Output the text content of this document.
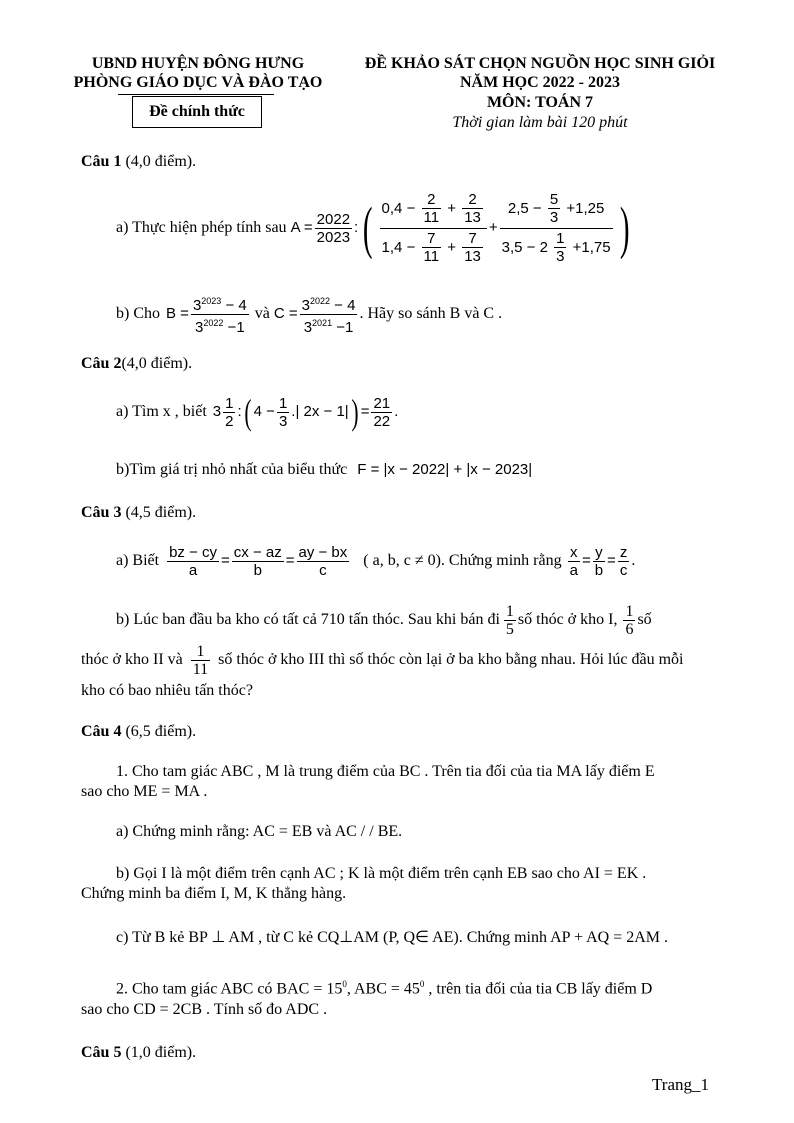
UBND HUYỆN ĐÔNG HƯNG
PHÒNG GIÁO DỤC VÀ ĐÀO TẠO
Đề chính thức
ĐỀ KHẢO SÁT CHỌN NGUỒN HỌC SINH GIỎI
NĂM HỌC 2022 - 2023
MÔN: TOÁN 7
Thời gian làm bài 120 phút
Câu 1 (4,0 điểm).
a) Thực hiện phép tính sau $A = \frac{2022}{2023}$ : ( $\frac{0,4 - \frac{2}{11} + \frac{2}{13}}{1,4 - \frac{7}{11} + \frac{7}{13}} + \frac{2,5 - \frac{5}{3} +1,25}{3,5 - 2 \frac{1}{3} +1,75}$ )
b) Cho $B = \frac{3^{2023} - 4}{3^{2022} -1}$ và $C = \frac{3^{2022} - 4}{3^{2021} -1}$ . Hãy so sánh B và C .
Câu 2(4,0 điểm).
a) Tìm x , biết $3 \frac{1}{2}$ : ( $4 - \frac{1}{3}$ .| 2x − 1| ) = $\frac{21}{22}$ .
b)Tìm giá trị nhỏ nhất của biểu thức F = |x − 2022| + |x − 2023|
Câu 3 (4,5 điểm).
a) Biết $\frac{bz - cy}{a} = \frac{cx - az}{b} = \frac{ay - bx}{c}$ ( a, b, c ≠ 0). Chứng minh rằng $\frac{x}{a} = \frac{y}{b} = \frac{z}{c}$ .
b) Lúc ban đầu ba kho có tất cả 710 tấn thóc. Sau khi bán đi $\frac{1}{5}$ số thóc ở kho I, $\frac{1}{6}$ số
thóc ở kho II và $\frac{1}{11}$ số thóc ở kho III thì số thóc còn lại ở ba kho bằng nhau. Hỏi lúc đầu mỗi
kho có bao nhiêu tấn thóc?
Câu 4 (6,5 điểm).
1. Cho tam giác ABC , M là trung điểm của BC . Trên tia đối của tia MA lấy điểm E
sao cho ME = MA .
a) Chứng minh rằng: AC = EB và AC / / BE.
b) Gọi I là một điểm trên cạnh AC ; K là một điểm trên cạnh EB sao cho AI = EK .
Chứng minh ba điểm I, M, K thẳng hàng.
c) Từ B kẻ BP ⊥ AM , từ C kẻ CQ⊥AM (P, Q∈ AE). Chứng minh AP + AQ = 2AM .
2. Cho tam giác ABC có BAC = $15^0$, ABC = $45^0$ , trên tia đối của tia CB lấy điểm D
sao cho CD = 2CB . Tính số đo ADC .
Câu 5 (1,0 điểm).
Trang_1
